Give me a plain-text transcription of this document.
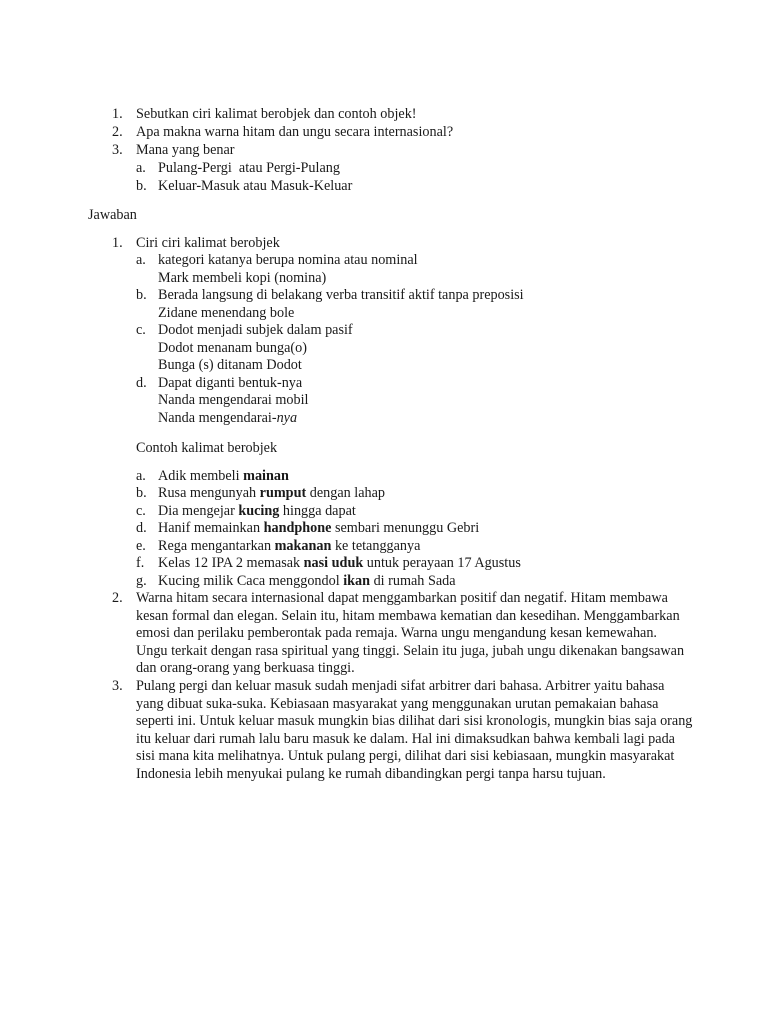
1. Sebutkan ciri kalimat berobjek dan contoh objek!
2. Apa makna warna hitam dan ungu secara internasional?
3. Mana yang benar
a. Pulang-Pergi  atau Pergi-Pulang
b. Keluar-Masuk atau Masuk-Keluar
Jawaban
1. Ciri ciri kalimat berobjek
a. kategori katanya berupa nomina atau nominal
Mark membeli kopi (nomina)
b. Berada langsung di belakang verba transitif aktif tanpa preposisi
Zidane menendang bole
c. Dodot menjadi subjek dalam pasif
Dodot menanam bunga(o)
Bunga (s) ditanam Dodot
d. Dapat diganti bentuk-nya
Nanda mengendarai mobil
Nanda mengendarai-nya
Contoh kalimat berobjek
a. Adik membeli mainan
b. Rusa mengunyah rumput dengan lahap
c. Dia mengejar kucing hingga dapat
d. Hanif memainkan handphone sembari menunggu Gebri
e. Rega mengantarkan makanan ke tetangganya
f. Kelas 12 IPA 2 memasak nasi uduk untuk perayaan 17 Agustus
g. Kucing milik Caca menggondol ikan di rumah Sada
2. Warna hitam secara internasional dapat menggambarkan positif dan negatif. Hitam membawa

kesan formal dan elegan. Selain itu, hitam membawa kematian dan kesedihan. Menggambarkan

emosi dan perilaku pemberontak pada remaja. Warna ungu mengandung kesan kemewahan.

Ungu terkait dengan rasa spiritual yang tinggi. Selain itu juga, jubah ungu dikenakan bangsawan

dan orang-orang yang berkuasa tinggi.

3. Pulang pergi dan keluar masuk sudah menjadi sifat arbitrer dari bahasa. Arbitrer yaitu bahasa

yang dibuat suka-suka. Kebiasaan masyarakat yang menggunakan urutan pemakaian bahasa

seperti ini. Untuk keluar masuk mungkin bias dilihat dari sisi kronologis, mungkin bias saja orang

itu keluar dari rumah lalu baru masuk ke dalam. Hal ini dimaksudkan bahwa kembali lagi pada

sisi mana kita melihatnya. Untuk pulang pergi, dilihat dari sisi kebiasaan, mungkin masyarakat

Indonesia lebih menyukai pulang ke rumah dibandingkan pergi tanpa harsu tujuan.
